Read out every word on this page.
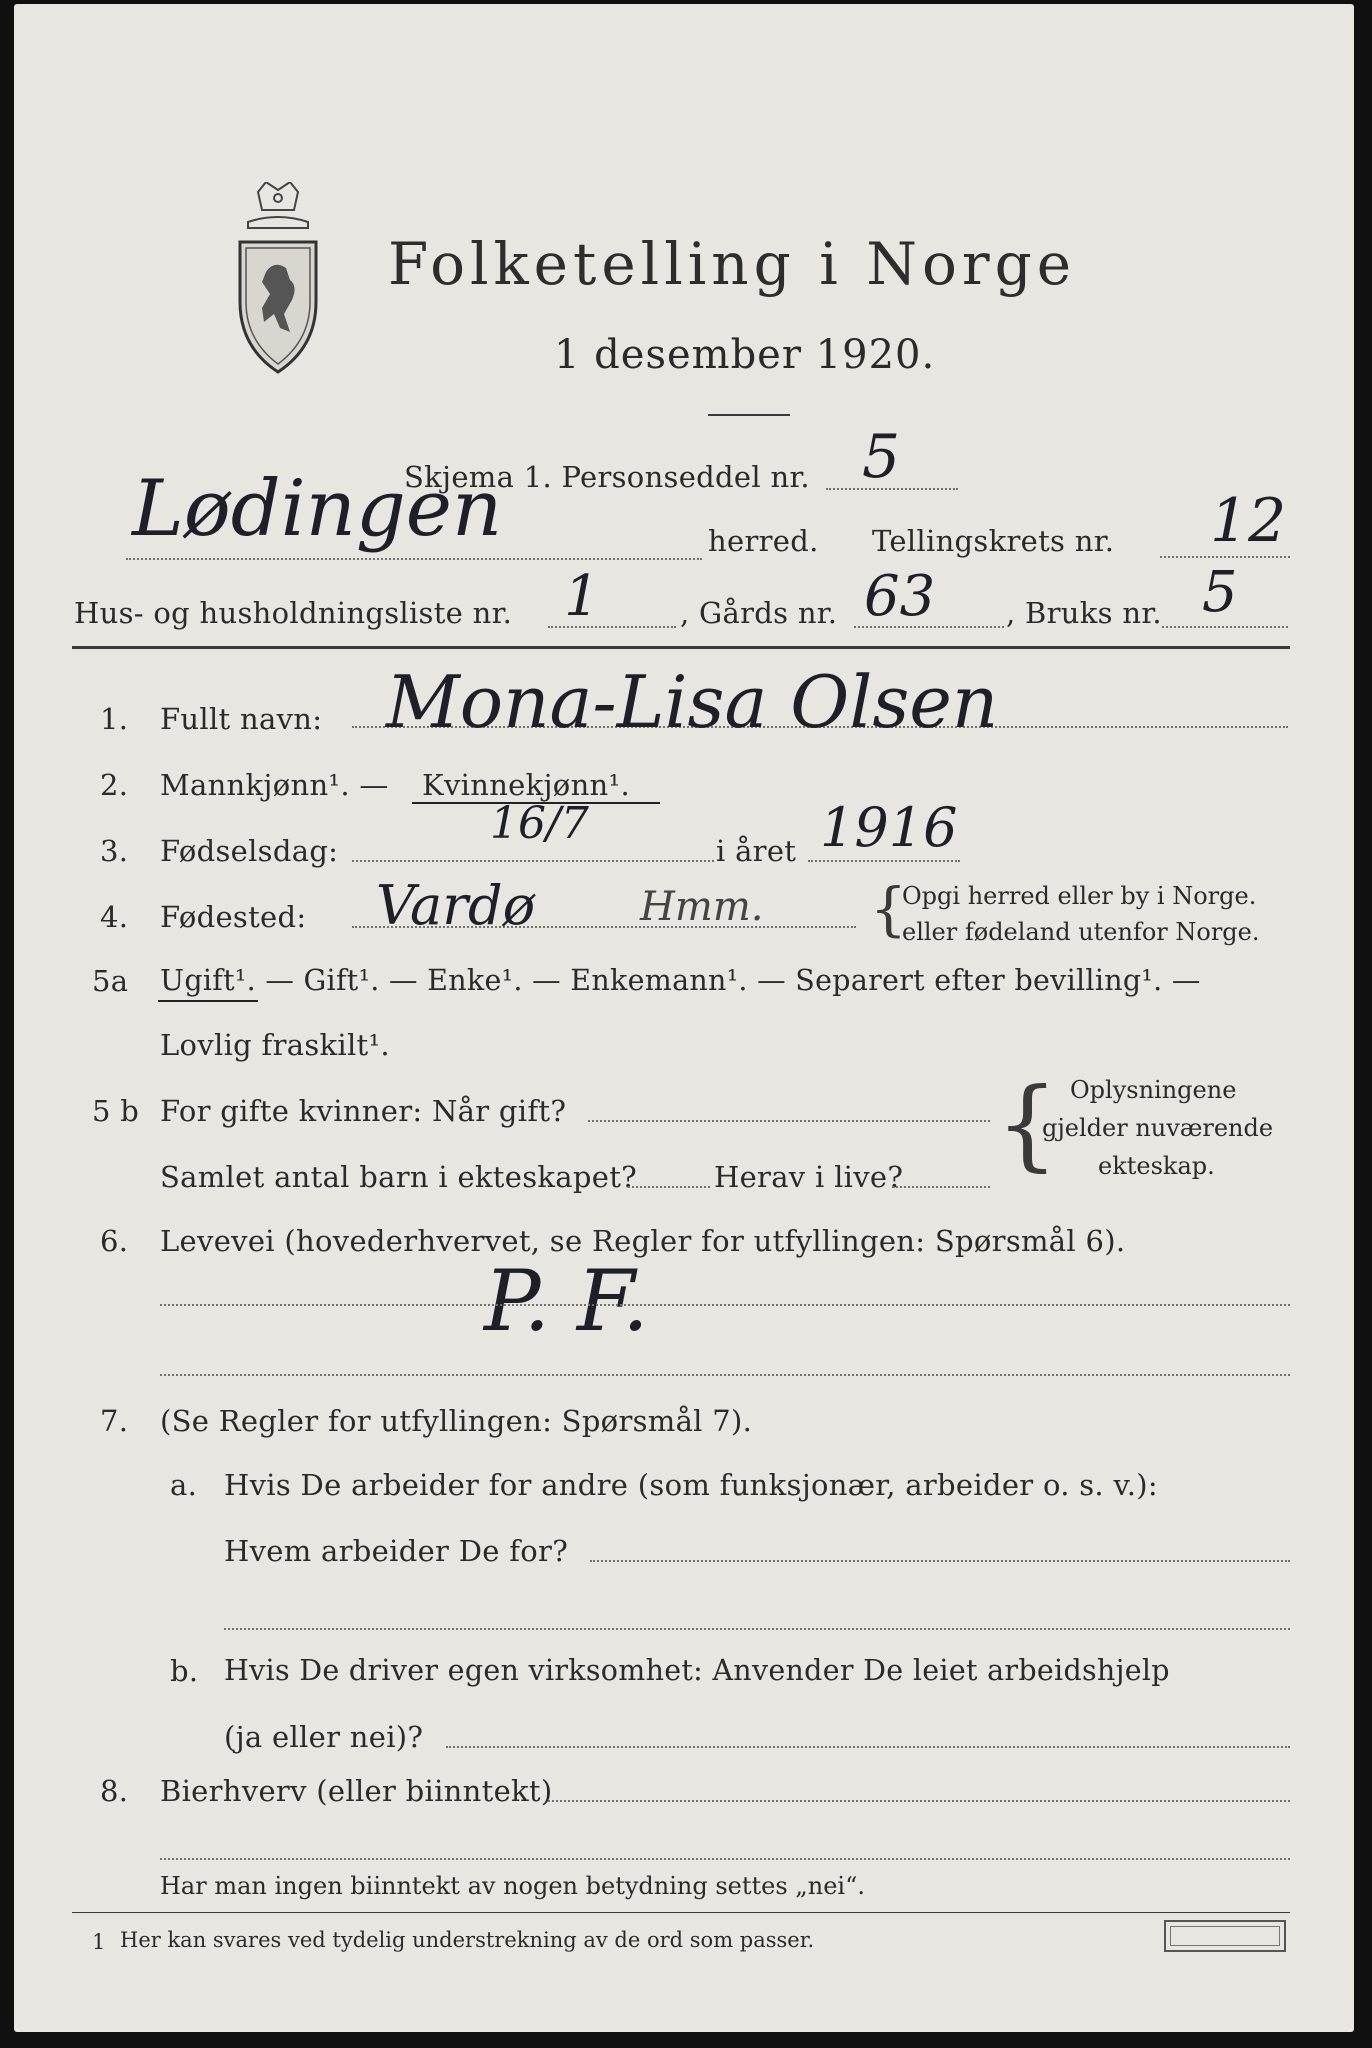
Folketelling i Norge
1 desember 1920.
Skjema 1. Personseddel nr. 5
Lødingen	herred. Tellingskrets nr. 12
Hus- og husholdningsliste nr. 1	, Gårds nr. 63 , Bruks nr. 5
1. Fullt navn: Mona-Lisa Olsen
2. Mannkjønn¹. — Kvinnekjønn¹.
3. Fødselsdag:
16/7
i året 1916
4. Fødested: Vardø	Hmm. {
Opgi herred eller by i Norge.
eller fødeland utenfor Norge.
5a Ugift¹. — Gift¹. — Enke¹. — Enkemann¹. — Separert efter bevilling¹. —
Lovlig fraskilt¹.
5 b For gifte kvinner: Når gift?
Samlet antal barn i ekteskapet?	Herav i live? { Oplysningene
gjelder nuværende
ekteskap.
6. Levevei (hovederhvervet, se Regler for utfyllingen: Spørsmål 6).
P. F.
7. (Se Regler for utfyllingen: Spørsmål 7).
a. Hvis De arbeider for andre (som funksjonær, arbeider o. s. v.):
Hvem arbeider De for?
b. Hvis De driver egen virksomhet: Anvender De leiet arbeidshjelp
(ja eller nei)?
8. Bierhverv (eller biinntekt)
Har man ingen biinntekt av nogen betydning settes „nei“.
1 Her kan svares ved tydelig understrekning av de ord som passer.
